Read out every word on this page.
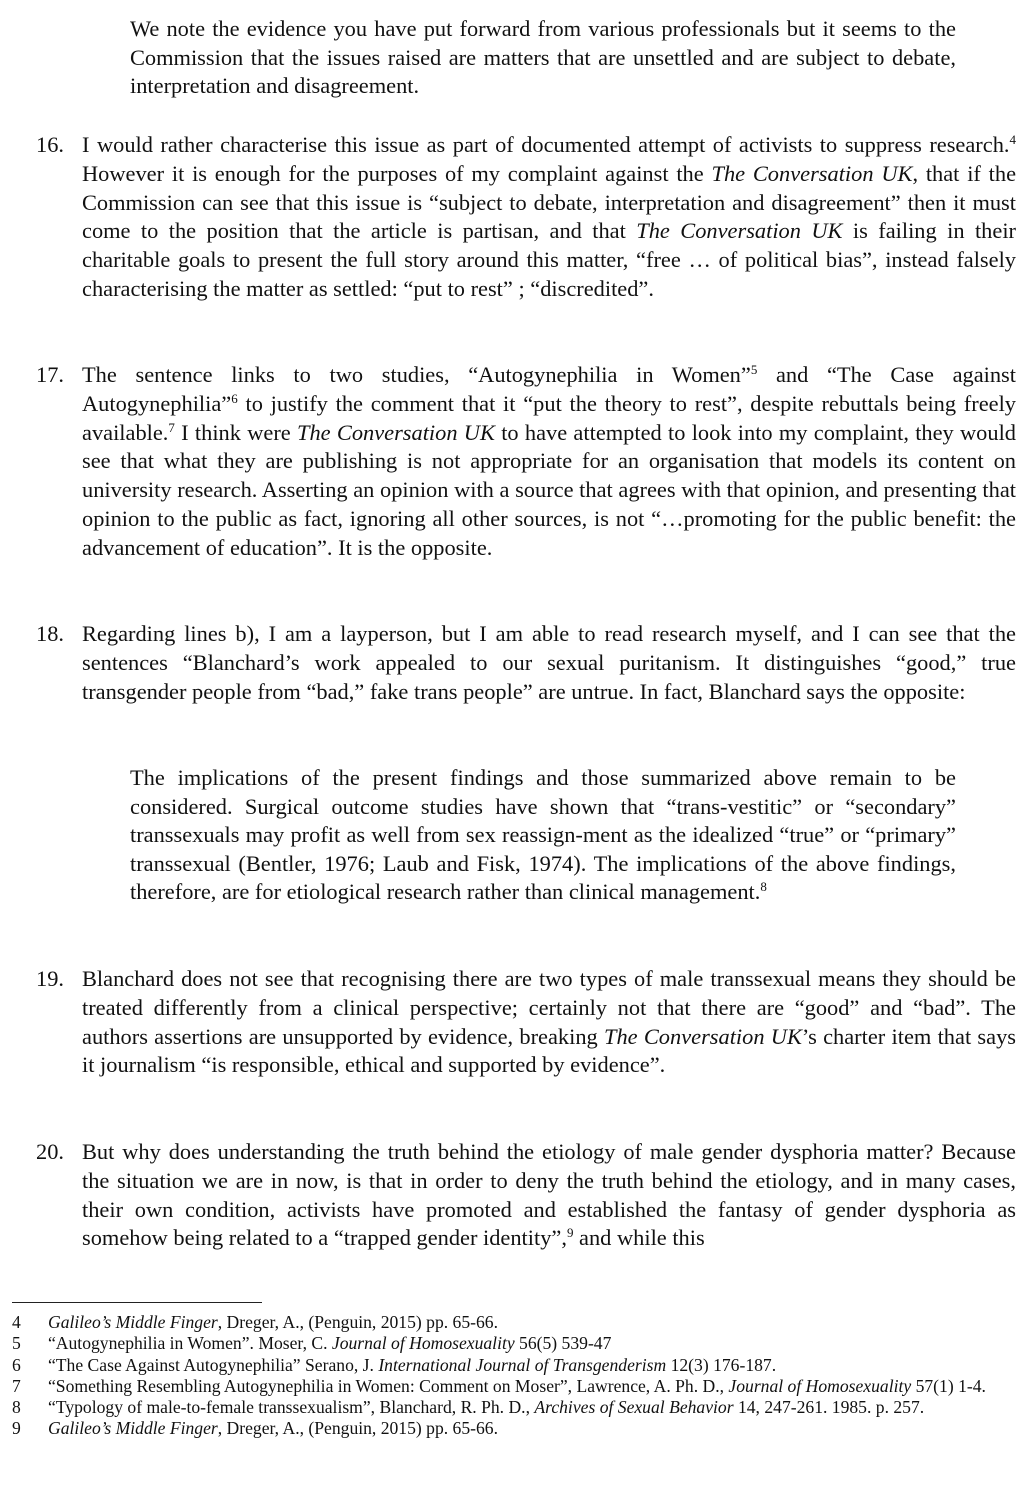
We note the evidence you have put forward from various professionals but it seems to the Commission that the issues raised are matters that are unsettled and are subject to debate, interpretation and disagreement.

16. I would rather characterise this issue as part of documented attempt of activists to suppress research.$^4$ However it is enough for the purposes of my complaint against the The Conversation UK, that if the Commission can see that this issue is “subject to debate, interpretation and disagreement” then it must come to the position that the article is partisan, and that The Conversation UK is failing in their charitable goals to present the full story around this matter, “free … of political bias”, instead falsely characterising the matter as settled: “put to rest” ; “discredited”.

17. The sentence links to two studies, “Autogynephilia in Women”$^5$ and “The Case against Autogynephilia”$^6$ to justify the comment that it “put the theory to rest”, despite rebuttals being freely available.$^7$ I think were The Conversation UK to have attempted to look into my complaint, they would see that what they are publishing is not appropriate for an organisation that models its content on university research. Asserting an opinion with a source that agrees with that opinion, and presenting that opinion to the public as fact, ignoring all other sources, is not “…promoting for the public benefit: the advancement of education”. It is the opposite.

18. Regarding lines b), I am a layperson, but I am able to read research myself, and I can see that the sentences “Blanchard’s work appealed to our sexual puritanism. It distinguishes “good,” true transgender people from “bad,” fake trans people” are untrue. In fact, Blanchard says the opposite:

The implications of the present findings and those summarized above remain to be considered. Surgical outcome studies have shown that “trans-vestitic” or “secondary” transsexuals may profit as well from sex reassign-ment as the idealized “true” or “primary” transsexual (Bentler, 1976; Laub and Fisk, 1974). The implications of the above findings, therefore, are for etiological research rather than clinical management.$^8$

19. Blanchard does not see that recognising there are two types of male transsexual means they should be treated differently from a clinical perspective; certainly not that there are “good” and “bad”. The authors assertions are unsupported by evidence, breaking The Conversation UK’s charter item that says it journalism “is responsible, ethical and supported by evidence”.

20. But why does understanding the truth behind the etiology of male gender dysphoria matter? Because the situation we are in now, is that in order to deny the truth behind the etiology, and in many cases, their own condition, activists have promoted and established the fantasy of gender dysphoria as somehow being related to a “trapped gender identity”,$^9$ and while this

4 Galileo’s Middle Finger, Dreger, A., (Penguin, 2015) pp. 65-66.
5 “Autogynephilia in Women”. Moser, C. Journal of Homosexuality 56(5) 539-47
6 “The Case Against Autogynephilia” Serano, J. International Journal of Transgenderism 12(3) 176-187.
7 “Something Resembling Autogynephilia in Women: Comment on Moser”, Lawrence, A. Ph. D., Journal of Homosexuality 57(1) 1-4.
8 “Typology of male-to-female transsexualism”, Blanchard, R. Ph. D., Archives of Sexual Behavior 14, 247-261. 1985. p. 257.
9 Galileo’s Middle Finger, Dreger, A., (Penguin, 2015) pp. 65-66.
